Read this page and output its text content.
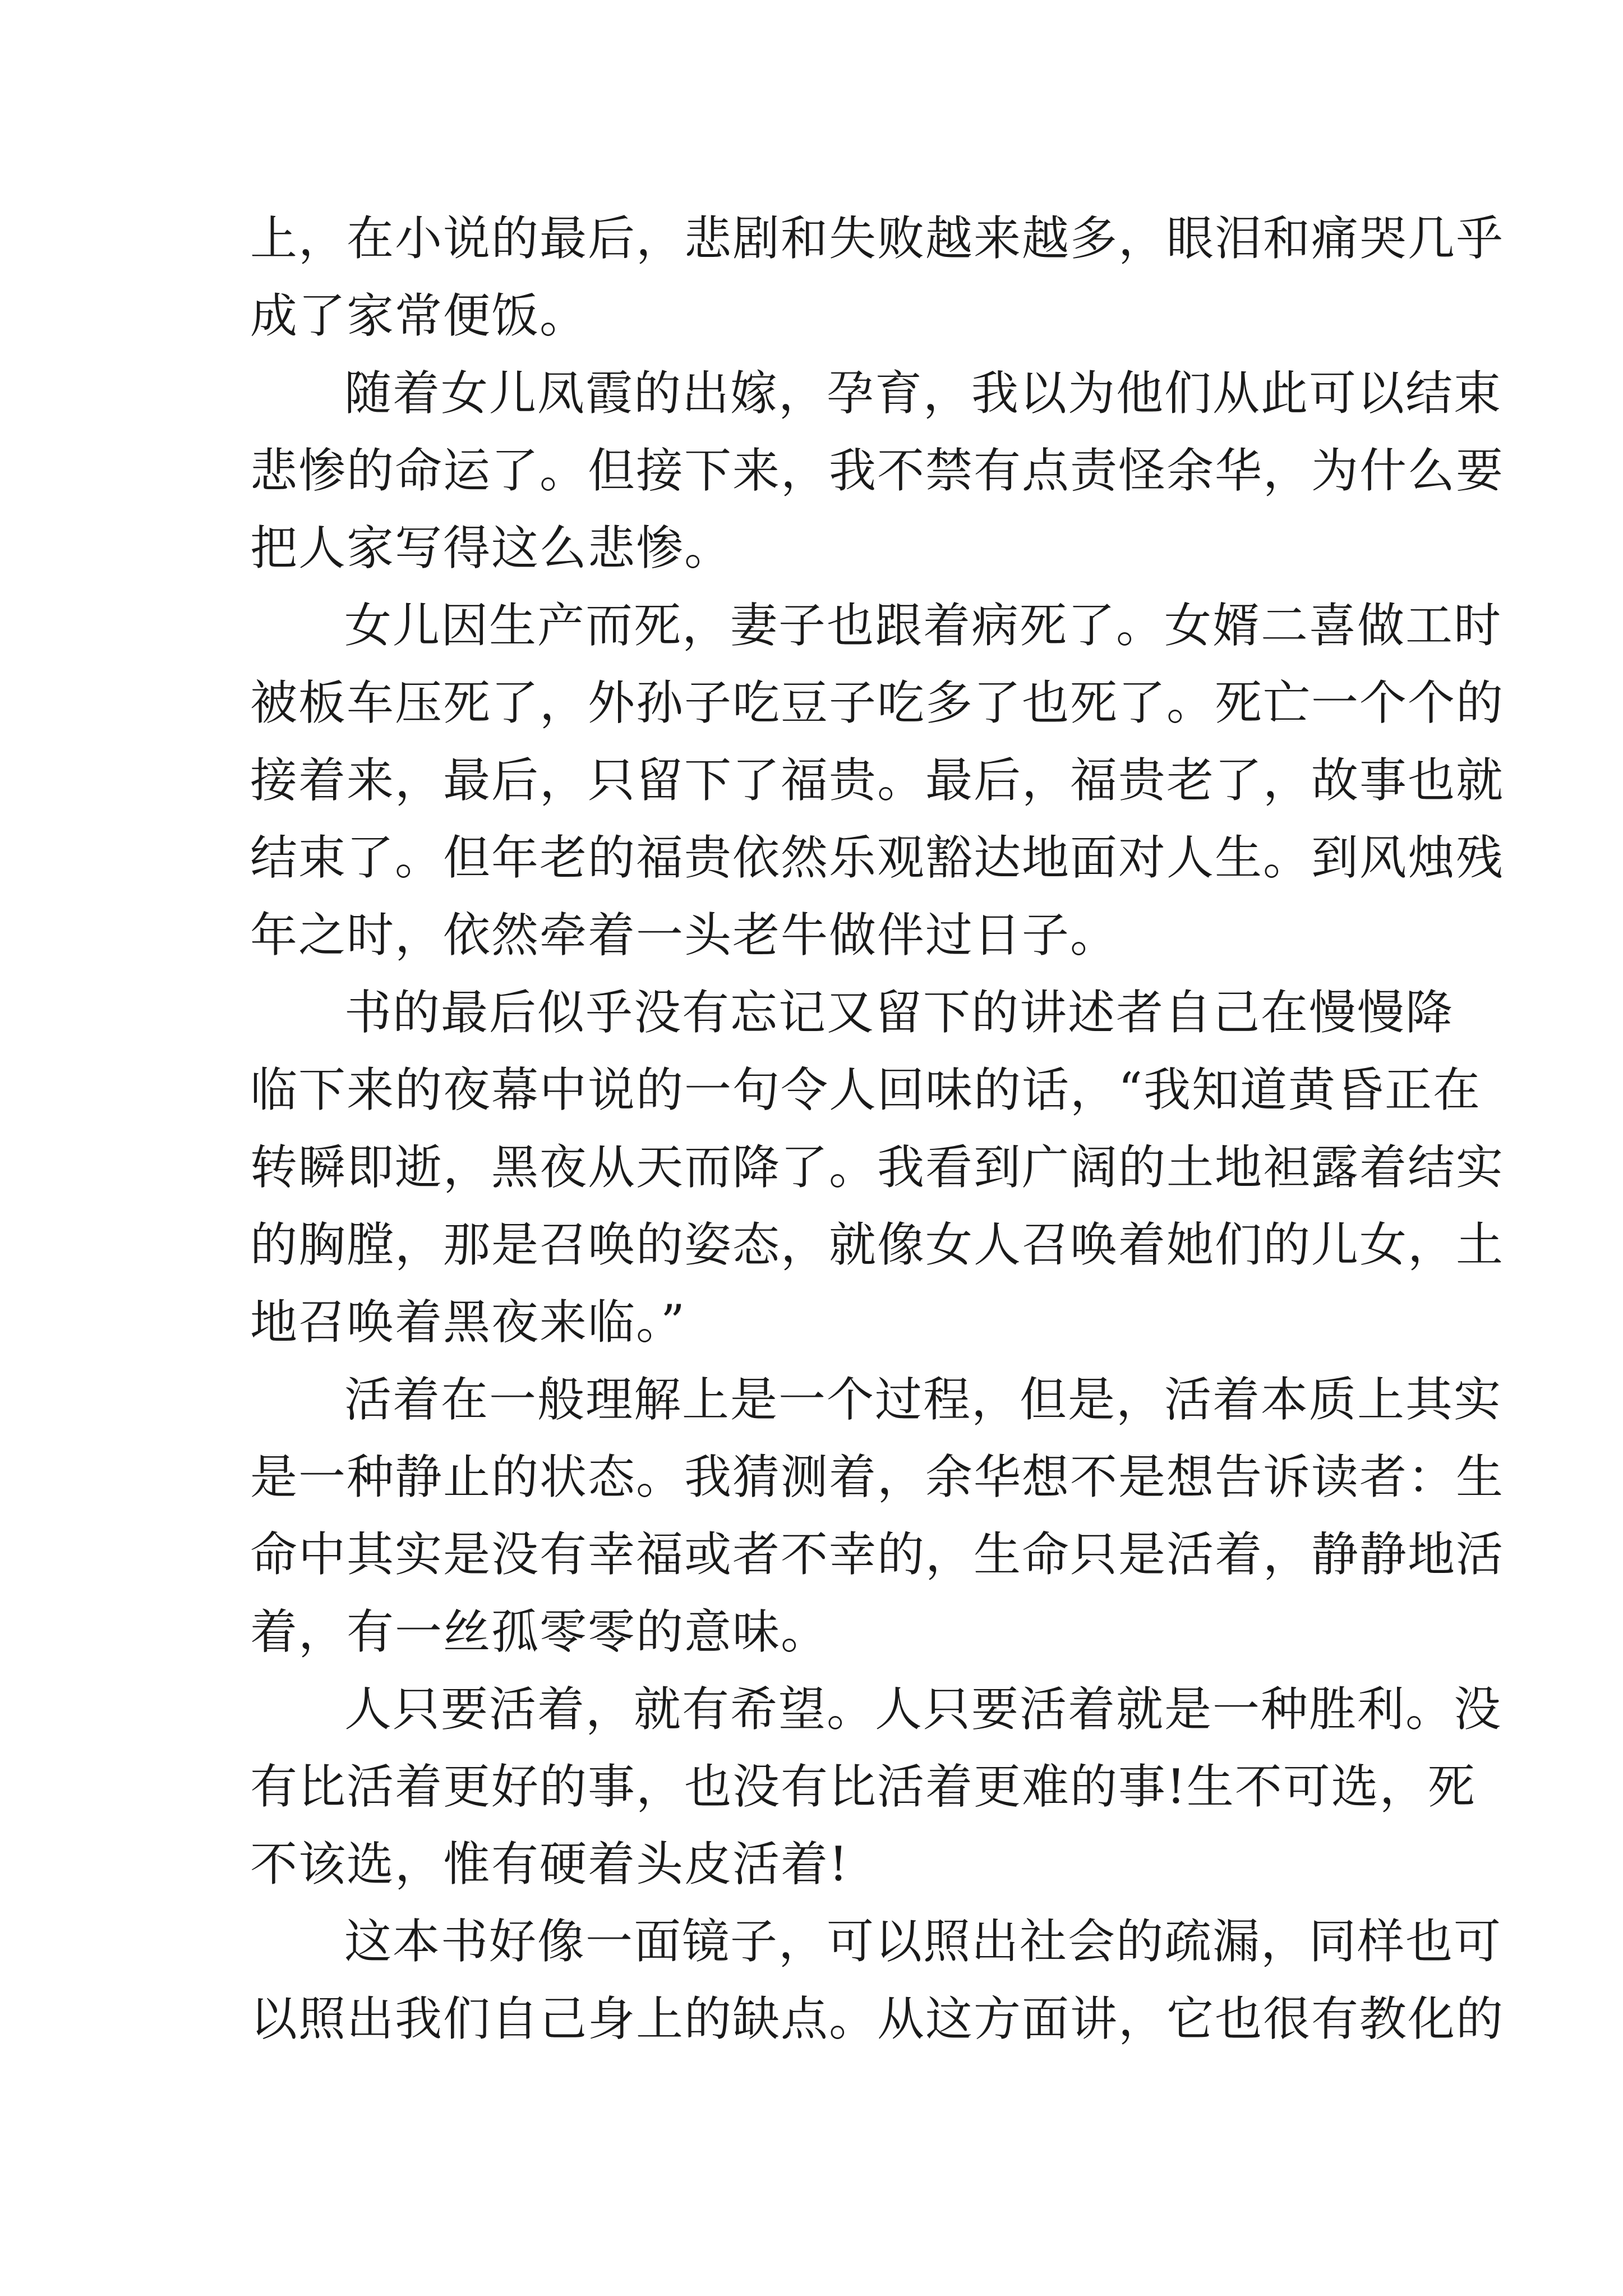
上，在小说的最后，悲剧和失败越来越多，眼泪和痛哭几乎
成了家常便饭。
随着女儿凤霞的出嫁，孕育，我以为他们从此可以结束
悲惨的命运了。但接下来，我不禁有点责怪余华，为什么要
把人家写得这么悲惨。
女儿因生产而死，妻子也跟着病死了。女婿二喜做工时
被板车压死了，外孙子吃豆子吃多了也死了。死亡一个个的
接着来，最后，只留下了福贵。最后，福贵老了，故事也就
结束了。但年老的福贵依然乐观豁达地面对人生。到风烛残
年之时，依然牵着一头老牛做伴过日子。
书的最后似乎没有忘记又留下的讲述者自己在慢慢降
临下来的夜幕中说的一句令人回味的话，“我知道黄昏正在
转瞬即逝，黑夜从天而降了。我看到广阔的土地袒露着结实
的胸膛，那是召唤的姿态，就像女人召唤着她们的儿女，土
地召唤着黑夜来临。”
活着在一般理解上是一个过程，但是，活着本质上其实
是一种静止的状态。我猜测着，余华想不是想告诉读者：生
命中其实是没有幸福或者不幸的，生命只是活着，静静地活
着，有一丝孤零零的意味。
人只要活着，就有希望。人只要活着就是一种胜利。没
有比活着更好的事，也没有比活着更难的事!生不可选，死
不该选，惟有硬着头皮活着!
这本书好像一面镜子，可以照出社会的疏漏，同样也可
以照出我们自己身上的缺点。从这方面讲，它也很有教化的
